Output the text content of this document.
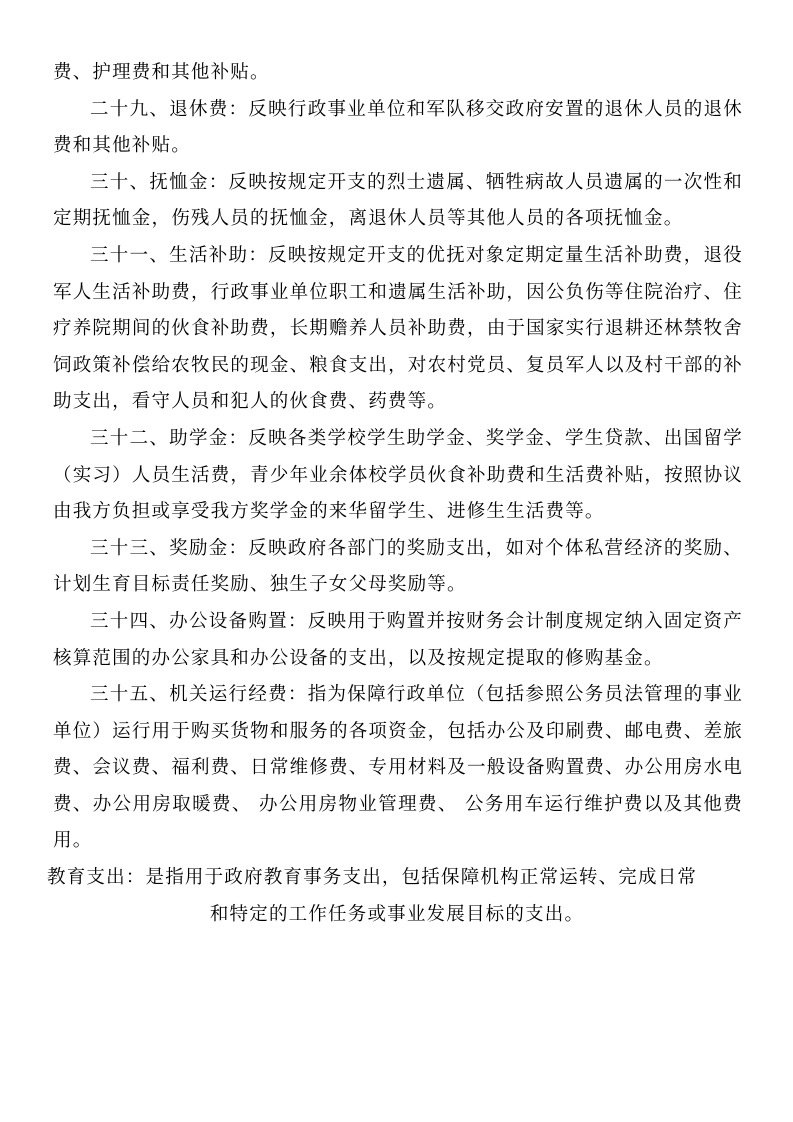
费、护理费和其他补贴。

二十九、退休费：反映行政事业单位和军队移交政府安置的退休人员的退休费和其他补贴。

三十、抚恤金：反映按规定开支的烈士遗属、牺牲病故人员遗属的一次性和定期抚恤金，伤残人员的抚恤金，离退休人员等其他人员的各项抚恤金。

三十一、生活补助：反映按规定开支的优抚对象定期定量生活补助费，退役军人生活补助费，行政事业单位职工和遗属生活补助，因公负伤等住院治疗、住疗养院期间的伙食补助费，长期赡养人员补助费，由于国家实行退耕还林禁牧舍饲政策补偿给农牧民的现金、粮食支出，对农村党员、复员军人以及村干部的补助支出，看守人员和犯人的伙食费、药费等。

三十二、助学金：反映各类学校学生助学金、奖学金、学生贷款、出国留学（实习）人员生活费，青少年业余体校学员伙食补助费和生活费补贴，按照协议由我方负担或享受我方奖学金的来华留学生、进修生生活费等。

三十三、奖励金：反映政府各部门的奖励支出，如对个体私营经济的奖励、计划生育目标责任奖励、独生子女父母奖励等。

三十四、办公设备购置：反映用于购置并按财务会计制度规定纳入固定资产核算范围的办公家具和办公设备的支出，以及按规定提取的修购基金。

三十五、机关运行经费：指为保障行政单位（包括参照公务员法管理的事业单位）运行用于购买货物和服务的各项资金，包括办公及印刷费、邮电费、差旅费、会议费、福利费、日常维修费、专用材料及一般设备购置费、办公用房水电费、办公用房取暖费、 办公用房物业管理费、 公务用车运行维护费以及其他费用。

教育支出：是指用于政府教育事务支出，包括保障机构正常运转、完成日常

和特定的工作任务或事业发展目标的支出。
